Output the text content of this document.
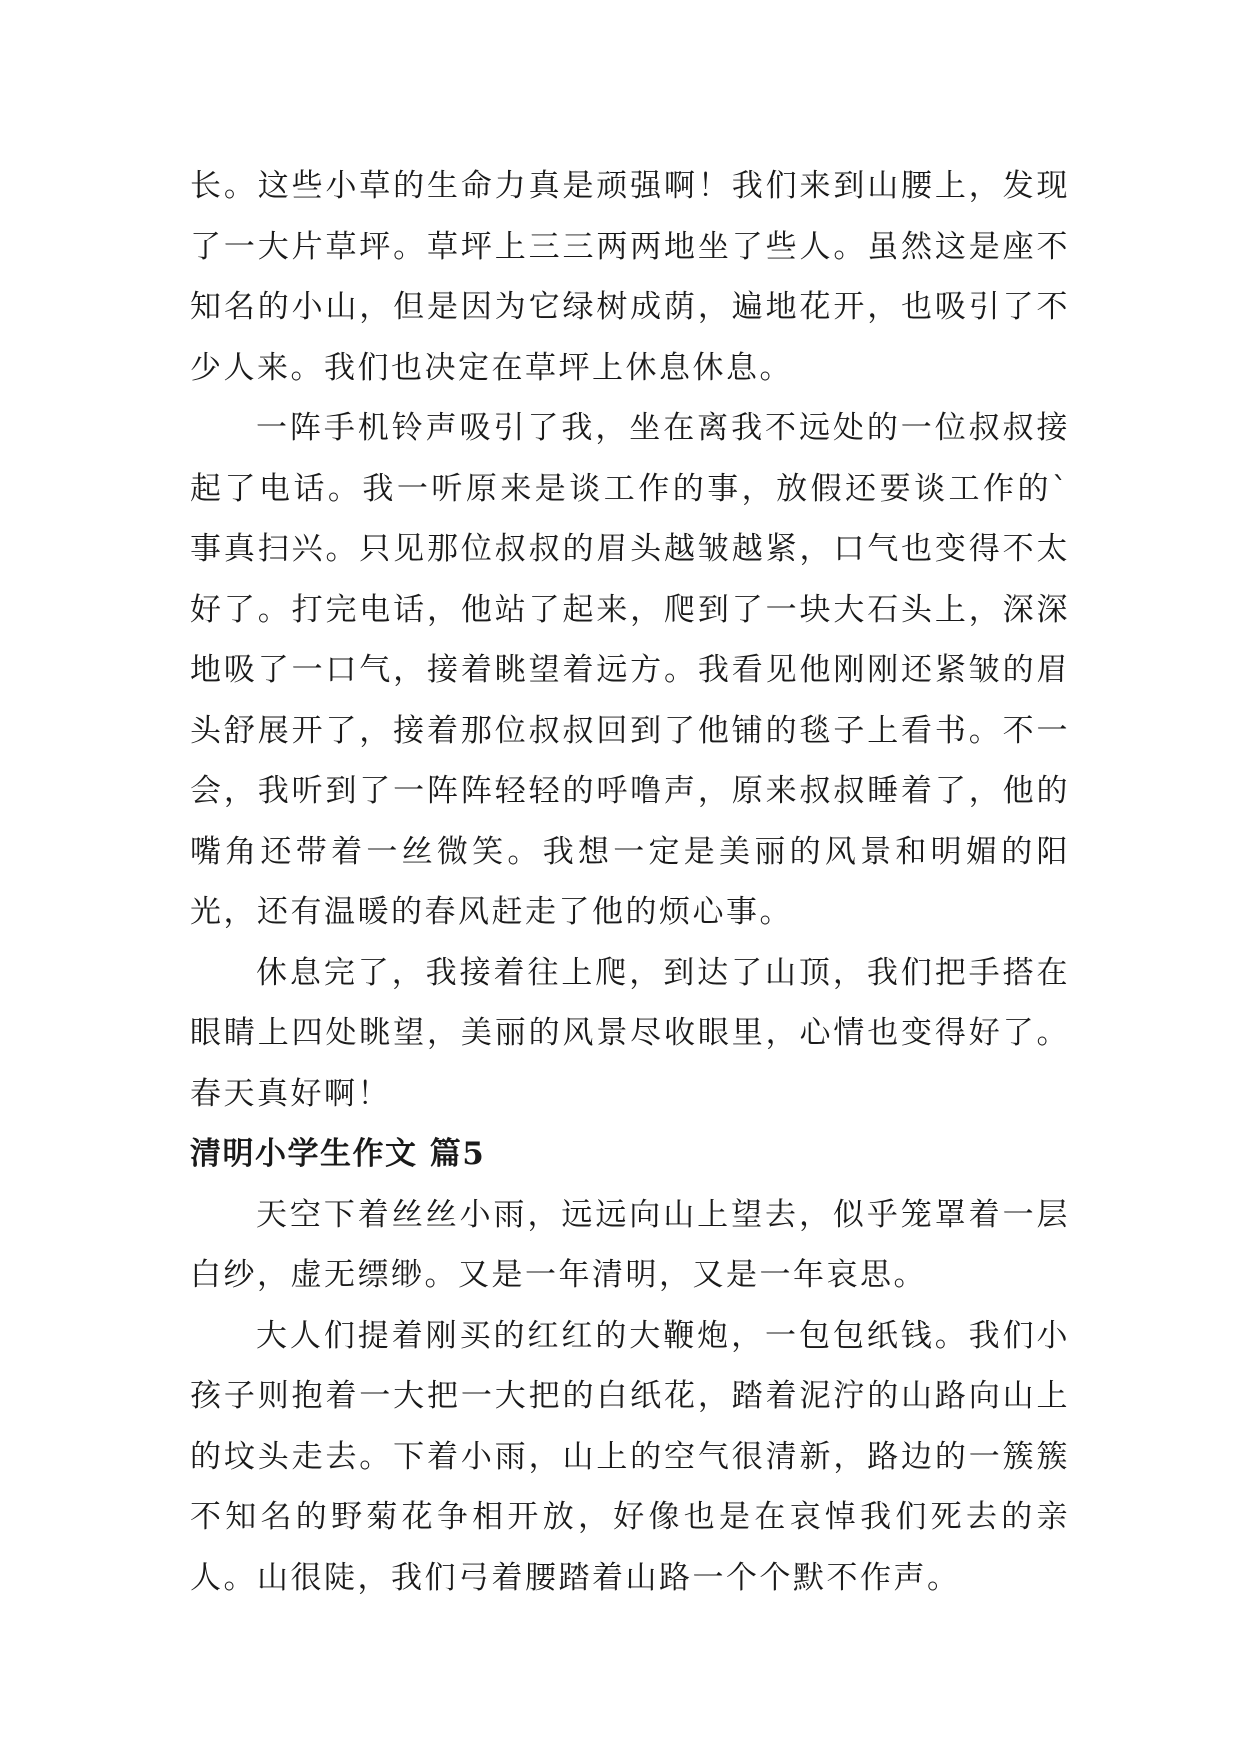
长。这些小草的生命力真是顽强啊！我们来到山腰上，发现了一大片草坪。草坪上三三两两地坐了些人。虽然这是座不知名的小山，但是因为它绿树成荫，遍地花开，也吸引了不少人来。我们也决定在草坪上休息休息。

一阵手机铃声吸引了我，坐在离我不远处的一位叔叔接起了电话。我一听原来是谈工作的事，放假还要谈工作的`事真扫兴。只见那位叔叔的眉头越皱越紧，口气也变得不太好了。打完电话，他站了起来，爬到了一块大石头上，深深地吸了一口气，接着眺望着远方。我看见他刚刚还紧皱的眉头舒展开了，接着那位叔叔回到了他铺的毯子上看书。不一会，我听到了一阵阵轻轻的呼噜声，原来叔叔睡着了，他的嘴角还带着一丝微笑。我想一定是美丽的风景和明媚的阳光，还有温暖的春风赶走了他的烦心事。

休息完了，我接着往上爬，到达了山顶，我们把手搭在眼睛上四处眺望，美丽的风景尽收眼里，心情也变得好了。春天真好啊！

清明小学生作文 篇5

天空下着丝丝小雨，远远向山上望去，似乎笼罩着一层白纱，虚无缥缈。又是一年清明，又是一年哀思。

大人们提着刚买的红红的大鞭炮，一包包纸钱。我们小孩子则抱着一大把一大把的白纸花，踏着泥泞的山路向山上的坟头走去。下着小雨，山上的空气很清新，路边的一簇簇不知名的野菊花争相开放，好像也是在哀悼我们死去的亲人。山很陡，我们弓着腰踏着山路一个个默不作声。
